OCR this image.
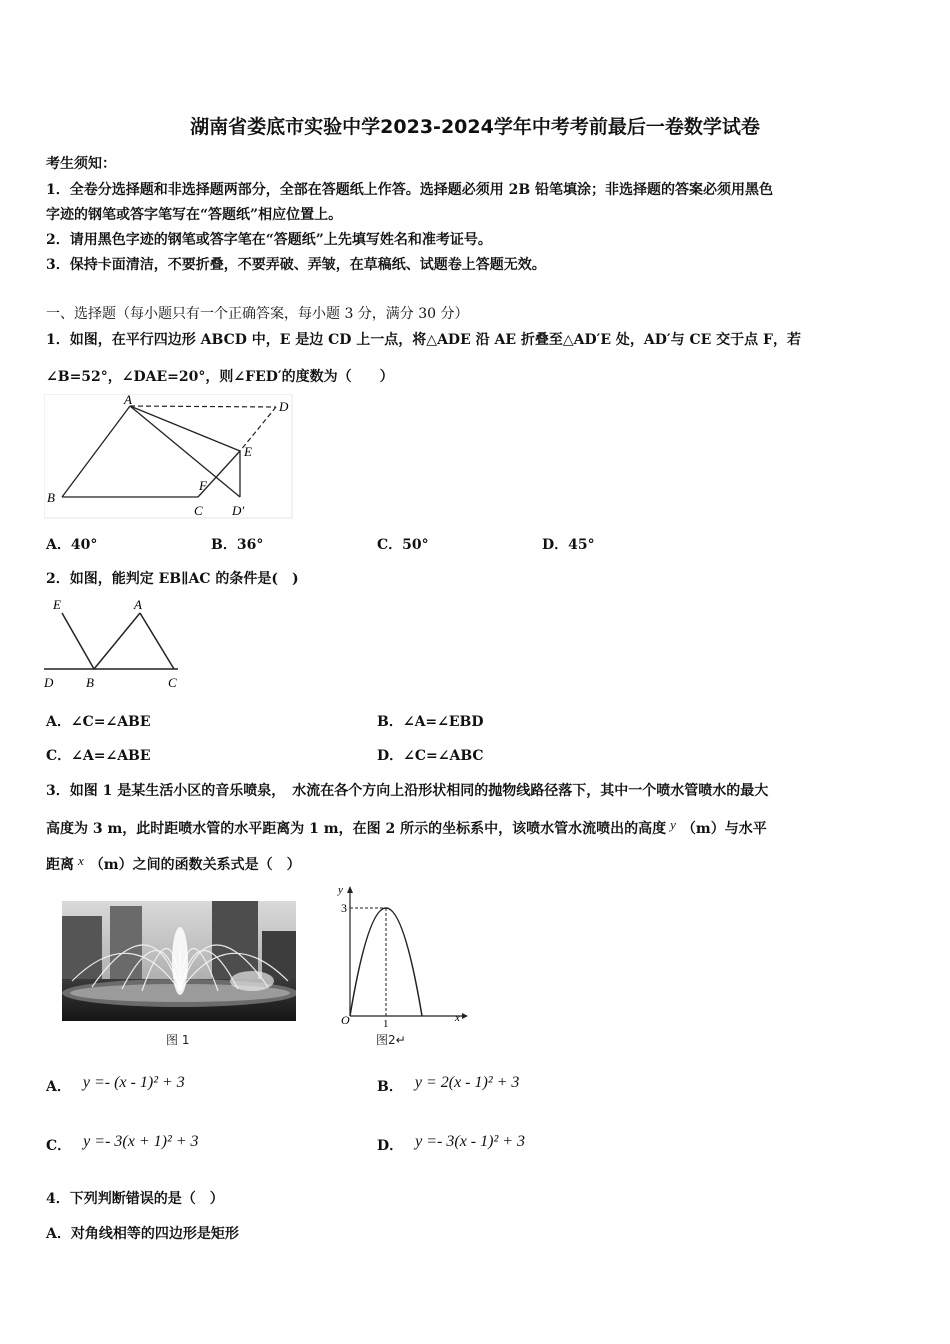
湖南省娄底市实验中学2023-2024学年中考考前最后一卷数学试卷
考生须知：
1．全卷分选择题和非选择题两部分，全部在答题纸上作答。选择题必须用 2B 铅笔填涂；非选择题的答案必须用黑色
字迹的钢笔或答字笔写在“答题纸”相应位置上。
2．请用黑色字迹的钢笔或答字笔在“答题纸”上先填写姓名和准考证号。
3．保持卡面清洁，不要折叠，不要弄破、弄皱，在草稿纸、试题卷上答题无效。
一、选择题（每小题只有一个正确答案，每小题 3 分，满分 30 分）
1．如图，在平行四边形 ABCD 中，E 是边 CD 上一点，将△ADE 沿 AE 折叠至△AD′E 处，AD′与 CE 交于点 F，若
∠B=52°，∠DAE=20°，则∠FED′的度数为（　　）
A	D
E
F
B
C D′
A．40°	B．36°	C．50°	D．45°
2．如图，能判定 EB∥AC 的条件是(　)
E	A
D	B	C
A．∠C=∠ABE	B．∠A=∠EBD
C．∠A=∠ABE	D．∠C=∠ABC
3．如图 1 是某生活小区的音乐喷泉，　水流在各个方向上沿形状相同的抛物线路径落下，其中一个喷水管喷水的最大
高度为 3 m，此时距喷水管的水平距离为 1 m，在图 2 所示的坐标系中，该喷水管水流喷出的高度 y （m）与水平
距离 x （m）之间的函数关系式是（　）
图 1
y
x
3
O	1
图2↵
A． y =- (x - 1)² + 3	B． y = 2(x - 1)² + 3
C． y =- 3(x + 1)² + 3	D． y =- 3(x - 1)² + 3
4．下列判断错误的是（　）
A．对角线相等的四边形是矩形
